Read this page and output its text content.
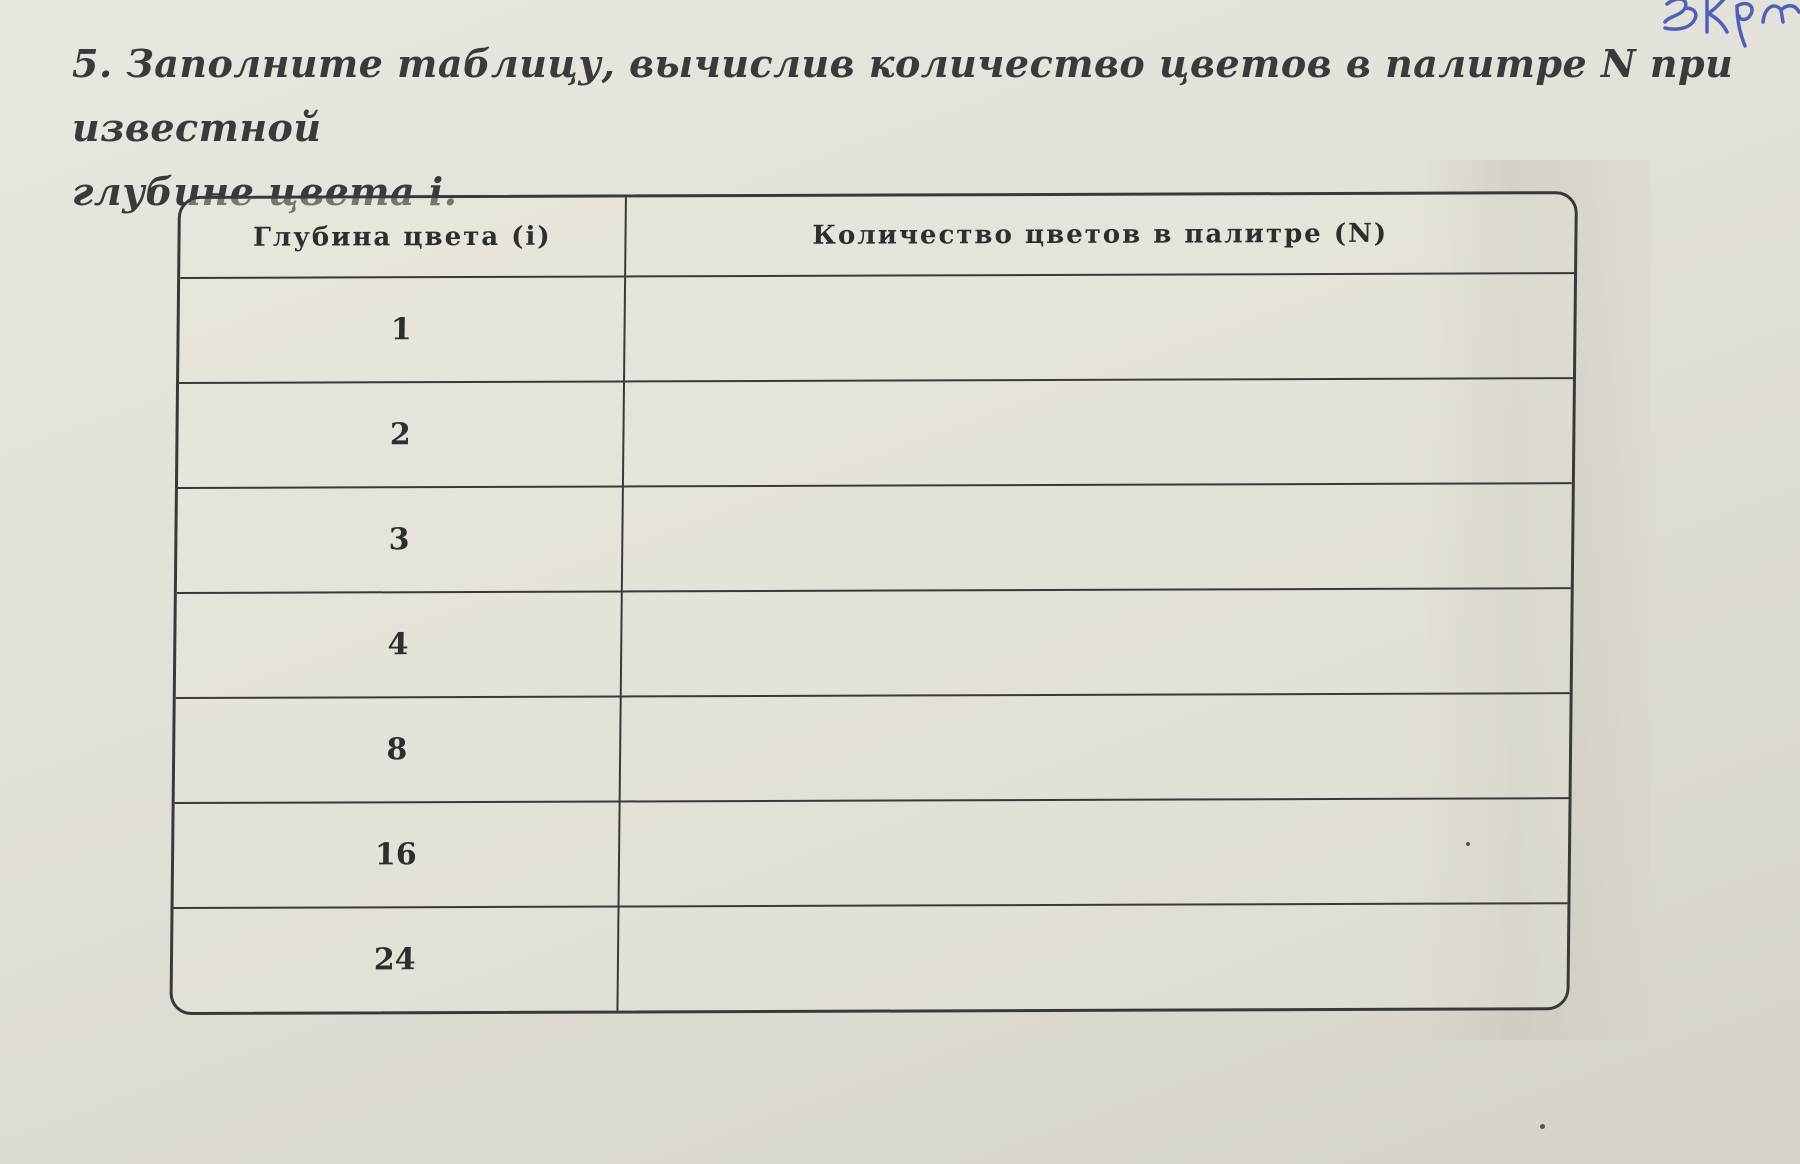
5. Заполните таблицу, вычислив количество цветов в палитре N при известной
глубине цвета i.
Глубина цвета (i)	Количество цветов в палитре (N)
1	
2	
3	
4	
8	
16	
24	
